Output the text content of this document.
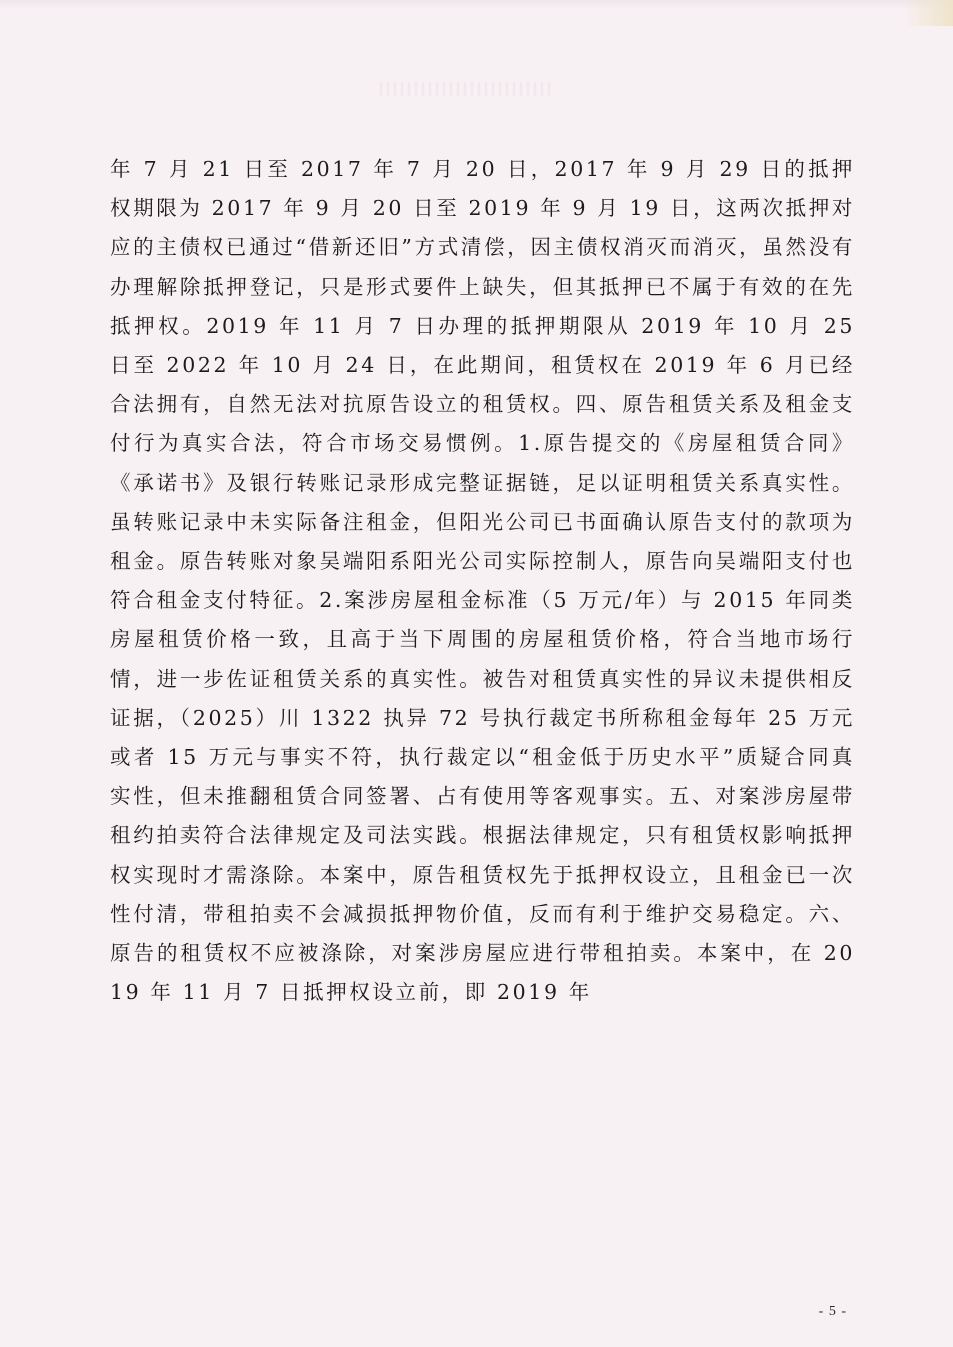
年 7 月 21 日至 2017 年 7 月 20 日，2017 年 9 月 29 日的抵押权期限为 2017 年 9 月 20 日至 2019 年 9 月 19 日，这两次抵押对应的主债权已通过“借新还旧”方式清偿，因主债权消灭而消灭，虽然没有办理解除抵押登记，只是形式要件上缺失，但其抵押已不属于有效的在先抵押权。2019 年 11 月 7 日办理的抵押期限从 2019 年 10 月 25 日至 2022 年 10 月 24 日，在此期间，租赁权在 2019 年 6 月已经合法拥有，自然无法对抗原告设立的租赁权。四、原告租赁关系及租金支付行为真实合法，符合市场交易惯例。1.原告提交的《房屋租赁合同》《承诺书》及银行转账记录形成完整证据链，足以证明租赁关系真实性。虽转账记录中未实际备注租金，但阳光公司已书面确认原告支付的款项为租金。原告转账对象吴端阳系阳光公司实际控制人，原告向吴端阳支付也符合租金支付特征。2.案涉房屋租金标准（5 万元/年）与 2015 年同类房屋租赁价格一致，且高于当下周围的房屋租赁价格，符合当地市场行情，进一步佐证租赁关系的真实性。被告对租赁真实性的异议未提供相反证据，（2025）川 1322 执异 72 号执行裁定书所称租金每年 25 万元或者 15 万元与事实不符，执行裁定以“租金低于历史水平”质疑合同真实性，但未推翻租赁合同签署、占有使用等客观事实。五、对案涉房屋带租约拍卖符合法律规定及司法实践。根据法律规定，只有租赁权影响抵押权实现时才需涤除。本案中，原告租赁权先于抵押权设立，且租金已一次性付清，带租拍卖不会减损抵押物价值，反而有利于维护交易稳定。六、原告的租赁权不应被涤除，对案涉房屋应进行带租拍卖。本案中，在 2019 年 11 月 7 日抵押权设立前，即 2019 年

- 5 -
